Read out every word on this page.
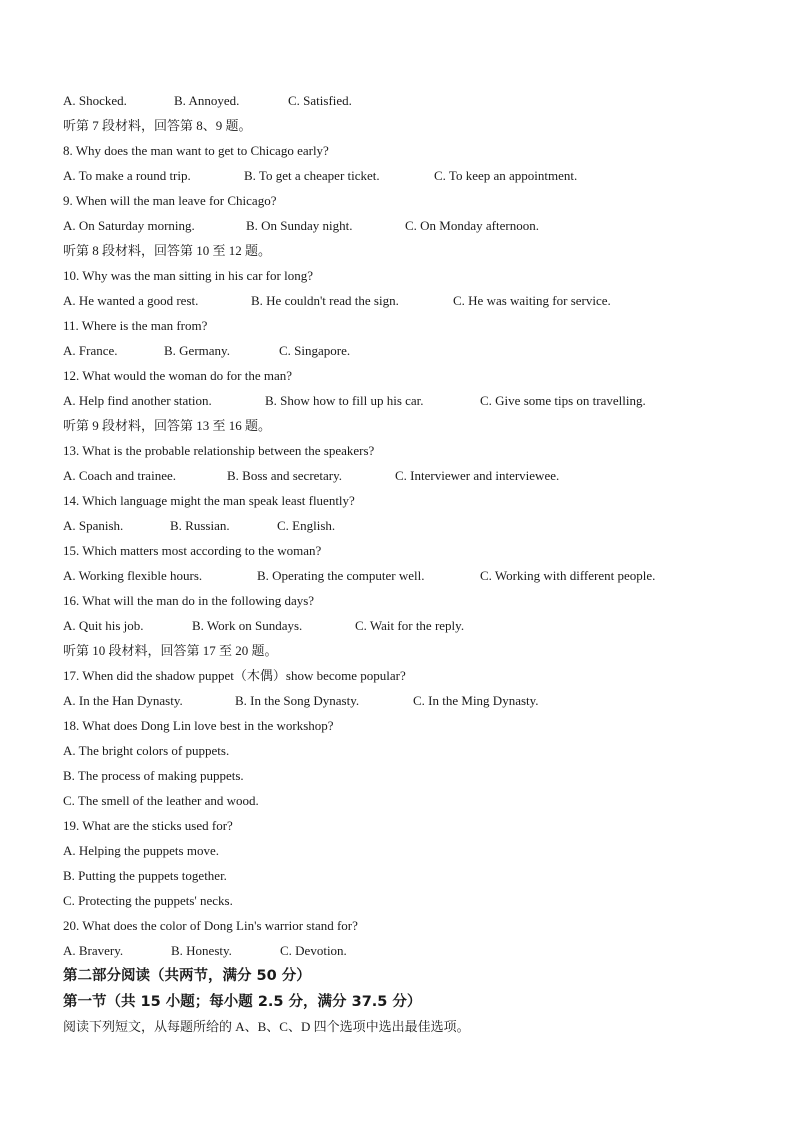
A. Shocked.	B. Annoyed.	C. Satisfied.
听第 7 段材料，回答第 8、9 题。
8. Why does the man want to get to Chicago early?
A. To make a round trip.	B. To get a cheaper ticket.	C. To keep an appointment.
9. When will the man leave for Chicago?
A. On Saturday morning.	B. On Sunday night.	C. On Monday afternoon.
听第 8 段材料，回答第 10 至 12 题。
10. Why was the man sitting in his car for long?
A. He wanted a good rest.	B. He couldn't read the sign.	C. He was waiting for service.
11. Where is the man from?
A. France.	B. Germany.	C. Singapore.
12. What would the woman do for the man?
A. Help find another station.	B. Show how to fill up his car.	C. Give some tips on travelling.
听第 9 段材料，回答第 13 至 16 题。
13. What is the probable relationship between the speakers?
A. Coach and trainee.	B. Boss and secretary.	C. Interviewer and interviewee.
14. Which language might the man speak least fluently?
A. Spanish.	B. Russian.	C. English.
15. Which matters most according to the woman?
A. Working flexible hours.	B. Operating the computer well.	C. Working with different people.
16. What will the man do in the following days?
A. Quit his job.	B. Work on Sundays.	C. Wait for the reply.
听第 10 段材料，回答第 17 至 20 题。
17. When did the shadow puppet（木偶）show become popular?
A. In the Han Dynasty.	B. In the Song Dynasty.	C. In the Ming Dynasty.
18. What does Dong Lin love best in the workshop?
A. The bright colors of puppets.
B. The process of making puppets.
C. The smell of the leather and wood.
19. What are the sticks used for?
A. Helping the puppets move.
B. Putting the puppets together.
C. Protecting the puppets' necks.
20. What does the color of Dong Lin's warrior stand for?
A. Bravery.	B. Honesty.	C. Devotion.
第二部分阅读（共两节，满分 50 分）
第一节（共 15 小题；每小题 2.5 分，满分 37.5 分）
阅读下列短文，从每题所给的 A、B、C、D 四个选项中选出最佳选项。
